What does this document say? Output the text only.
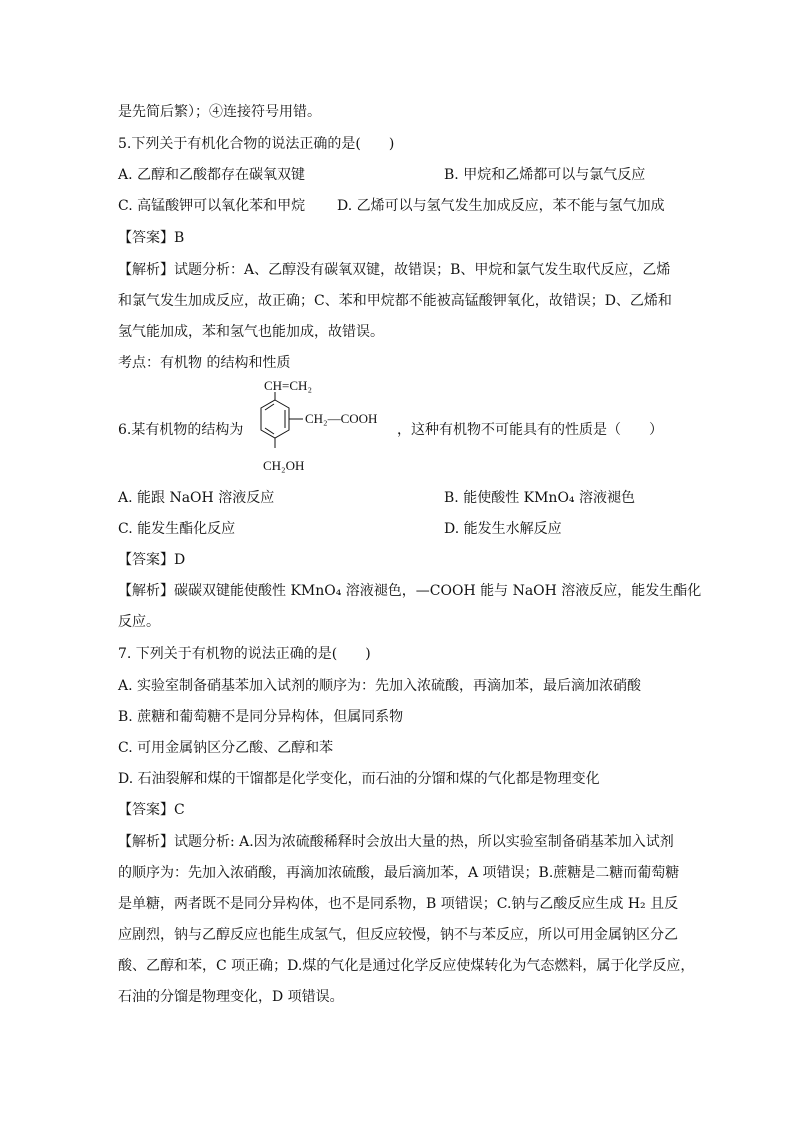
是先简后繁）；④连接符号用错。
5.下列关于有机化合物的说法正确的是(　　)
A. 乙醇和乙酸都存在碳氧双键	B. 甲烷和乙烯都可以与氯气反应
C. 高锰酸钾可以氧化苯和甲烷 D. 乙烯可以与氢气发生加成反应，苯不能与氢气加成
【答案】B
【解析】试题分析：A、乙醇没有碳氧双键，故错误；B、甲烷和氯气发生取代反应，乙烯
和氯气发生加成反应，故正确；C、苯和甲烷都不能被高锰酸钾氧化，故错误；D、乙烯和
氢气能加成，苯和氢气也能加成，故错误。
考点：有机物 的结构和性质
6.某有机物的结构为
CH=CH₂
CH₂—COOH
CH₂OH
，这种有机物不可能具有的性质是（　　）
A. 能跟 NaOH 溶液反应	B. 能使酸性 KMnO₄ 溶液褪色
C. 能发生酯化反应	D. 能发生水解反应
【答案】D
【解析】碳碳双键能使酸性 KMnO₄ 溶液褪色，—COOH 能与 NaOH 溶液反应，能发生酯化
反应。
7. 下列关于有机物的说法正确的是(　　)
A. 实验室制备硝基苯加入试剂的顺序为：先加入浓硫酸，再滴加苯，最后滴加浓硝酸
B. 蔗糖和葡萄糖不是同分异构体，但属同系物
C. 可用金属钠区分乙酸、乙醇和苯
D. 石油裂解和煤的干馏都是化学变化，而石油的分馏和煤的气化都是物理变化
【答案】C
【解析】试题分析: A.因为浓硫酸稀释时会放出大量的热，所以实验室制备硝基苯加入试剂
的顺序为：先加入浓硝酸，再滴加浓硫酸，最后滴加苯，A 项错误；B.蔗糖是二糖而葡萄糖
是单糖，两者既不是同分异构体，也不是同系物，B 项错误；C.钠与乙酸反应生成 H₂ 且反
应剧烈，钠与乙醇反应也能生成氢气，但反应较慢，钠不与苯反应，所以可用金属钠区分乙
酸、乙醇和苯，C 项正确；D.煤的气化是通过化学反应使煤转化为气态燃料，属于化学反应，
石油的分馏是物理变化，D 项错误。
